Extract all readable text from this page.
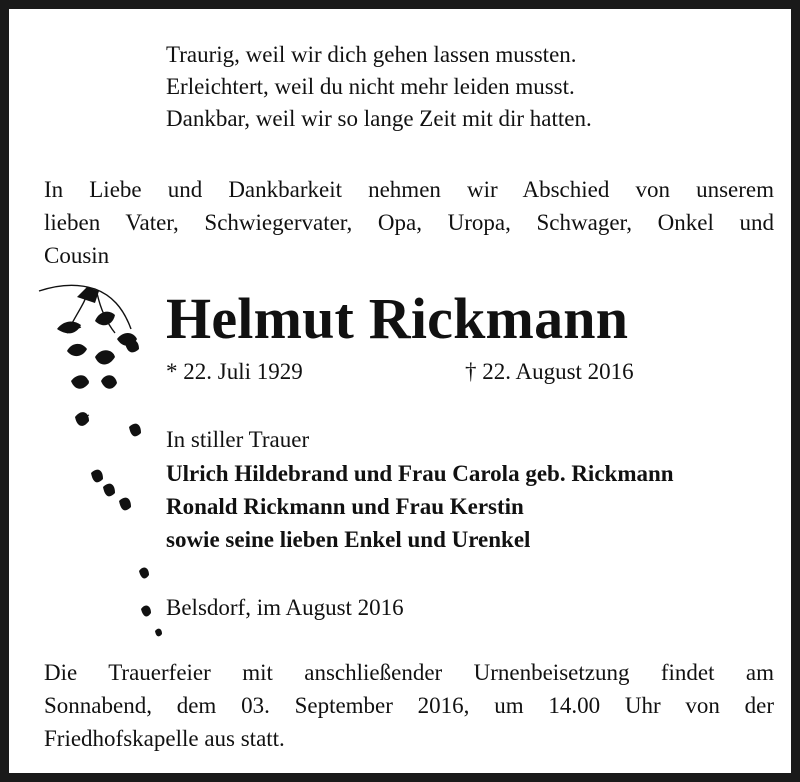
Traurig, weil wir dich gehen lassen mussten.
Erleichtert, weil du nicht mehr leiden musst.
Dankbar, weil wir so lange Zeit mit dir hatten.
In Liebe und Dankbarkeit nehmen wir Abschied von unserem
lieben Vater, Schwiegervater, Opa, Uropa, Schwager, Onkel und
Cousin
Helmut Rickmann
* 22. Juli 1929	† 22. August 2016
In stiller Trauer
Ulrich Hildebrand und Frau Carola geb. Rickmann
Ronald Rickmann und Frau Kerstin
sowie seine lieben Enkel und Urenkel
Belsdorf, im August 2016
Die Trauerfeier mit anschließender Urnenbeisetzung findet am
Sonnabend, dem 03. September 2016, um 14.00 Uhr von der
Friedhofskapelle aus statt.
